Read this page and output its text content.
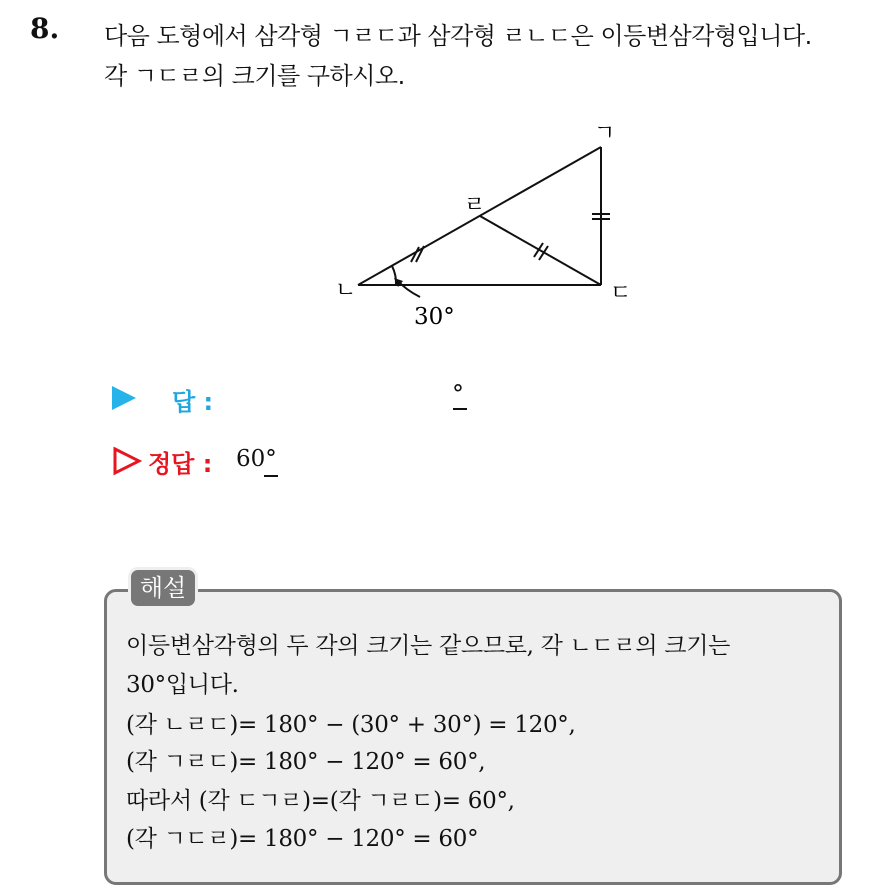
8. 다음 도형에서 삼각형 ㄱㄹㄷ과 삼각형 ㄹㄴㄷ은 이등변삼각형입니다.
각 ㄱㄷㄹ의 크기를 구하시오.
ㄱ
ㄹ
ㄴ	ㄷ
30°
답 :	°
정답 : 60°
해설
이등변삼각형의 두 각의 크기는 같으므로, 각 ㄴㄷㄹ의 크기는
30°입니다.
(각 ㄴㄹㄷ)= 180° − (30° + 30°) = 120°,
(각 ㄱㄹㄷ)= 180° − 120° = 60°,
따라서 (각 ㄷㄱㄹ)=(각 ㄱㄹㄷ)= 60°,
(각 ㄱㄷㄹ)= 180° − 120° = 60°
